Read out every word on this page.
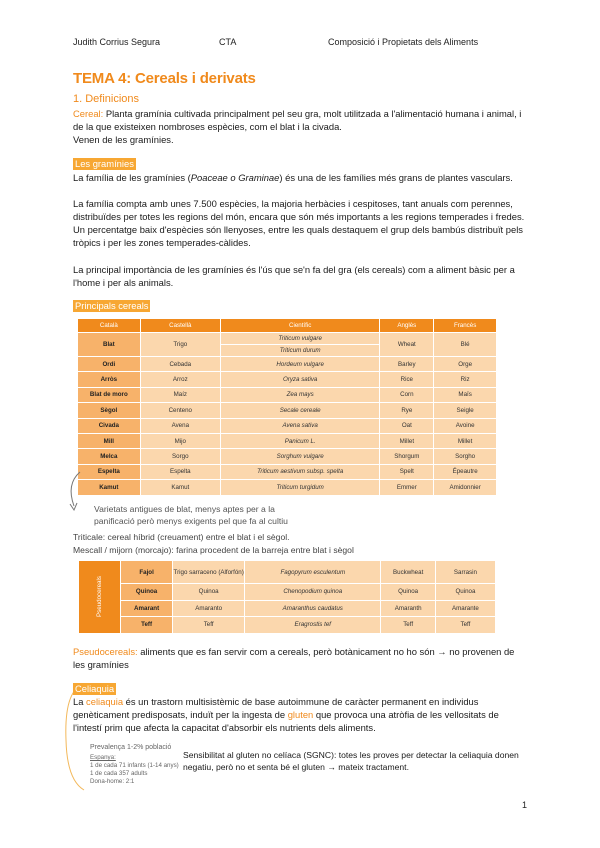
Judith Corrius Segura	CTA	Composició i Propietats dels Aliments
TEMA 4: Cereals i derivats
1. Definicions
Cereal: Planta gramínia cultivada principalment pel seu gra, molt utilitzada a l'alimentació humana i animal, i de la que existeixen nombroses espècies, com el blat i la civada.
Venen de les gramínies.
Les gramínies
La família de les gramínies (Poaceae o Graminae) és una de les famílies més grans de plantes vasculars.
La família compta amb unes 7.500 espècies, la majoria herbàcies i cespitoses, tant anuals com perennes, distribuïdes per totes les regions del món, encara que són més importants a les regions temperades i fredes. Un percentatge baix d'espècies són llenyoses, entre les quals destaquem el grup dels bambús distribuït pels tròpics i per les zones temperades-càlides.
La principal importància de les gramínies és l'ús que se'n fa del gra (els cereals) com a aliment bàsic per a l'home i per als animals.
Principals cereals
Català	Castellà	Científic	Anglès	Francès
Blat	Trigo	Triticum vulgare	Wheat	Blé
		Triticum durum		
Ordi	Cebada	Hordeum vulgare	Barley	Orge
Arròs	Arroz	Oryza sativa	Rice	Riz
Blat de moro	Maíz	Zea mays	Corn	Maïs
Sègol	Centeno	Secale cereale	Rye	Seigle
Civada	Avena	Avena sativa	Oat	Avoine
Mill	Mijo	Panicum L.	Millet	Millet
Melca	Sorgo	Sorghum vulgare	Shorgum	Sorgho
Espelta	Espelta	Triticum aestivum subsp. spelta	Spelt	Épeautre
Kamut	Kamut	Triticum turgidum	Emmer	Amidonnier
Varietats antigues de blat, menys aptes per a la
panificació però menys exigents pel que fa al cultiu
Triticale: cereal híbrid (creuament) entre el blat i el sègol.
Mescall / mijorn (morcajo): farina procedent de la barreja entre blat i sègol
Pseudocereals	Fajol	Trigo sarraceno (Alforfón)	Fagopyrum esculentum	Buckwheat	Sarrasin
	Quinoa	Quinoa	Chenopodium quinoa	Quinoa	Quinoa
	Amarant	Amaranto	Amaranthus caudatus	Amaranth	Amarante
	Teff	Teff	Eragrostis tef	Teff	Teff
Pseudocereals: aliments que es fan servir com a cereals, però botànicament no ho són → no provenen de les gramínies
Celiaquia
La celiaquia és un trastorn multisistèmic de base autoimmune de caràcter permanent en individus genèticament predisposats, induït per la ingesta de gluten que provoca una atròfia de les vellositats de l'intestí prim que afecta la capacitat d'absorbir els nutrients dels aliments.
Prevalença 1-2% població
Espanya:
1 de cada 71 infants (1-14 anys)
1 de cada 357 adults
Dona-home: 2:1
Sensibilitat al gluten no celíaca (SGNC): totes les proves per detectar la celiaquia donen negatiu, però no et senta bé el gluten → mateix tractament.
1
